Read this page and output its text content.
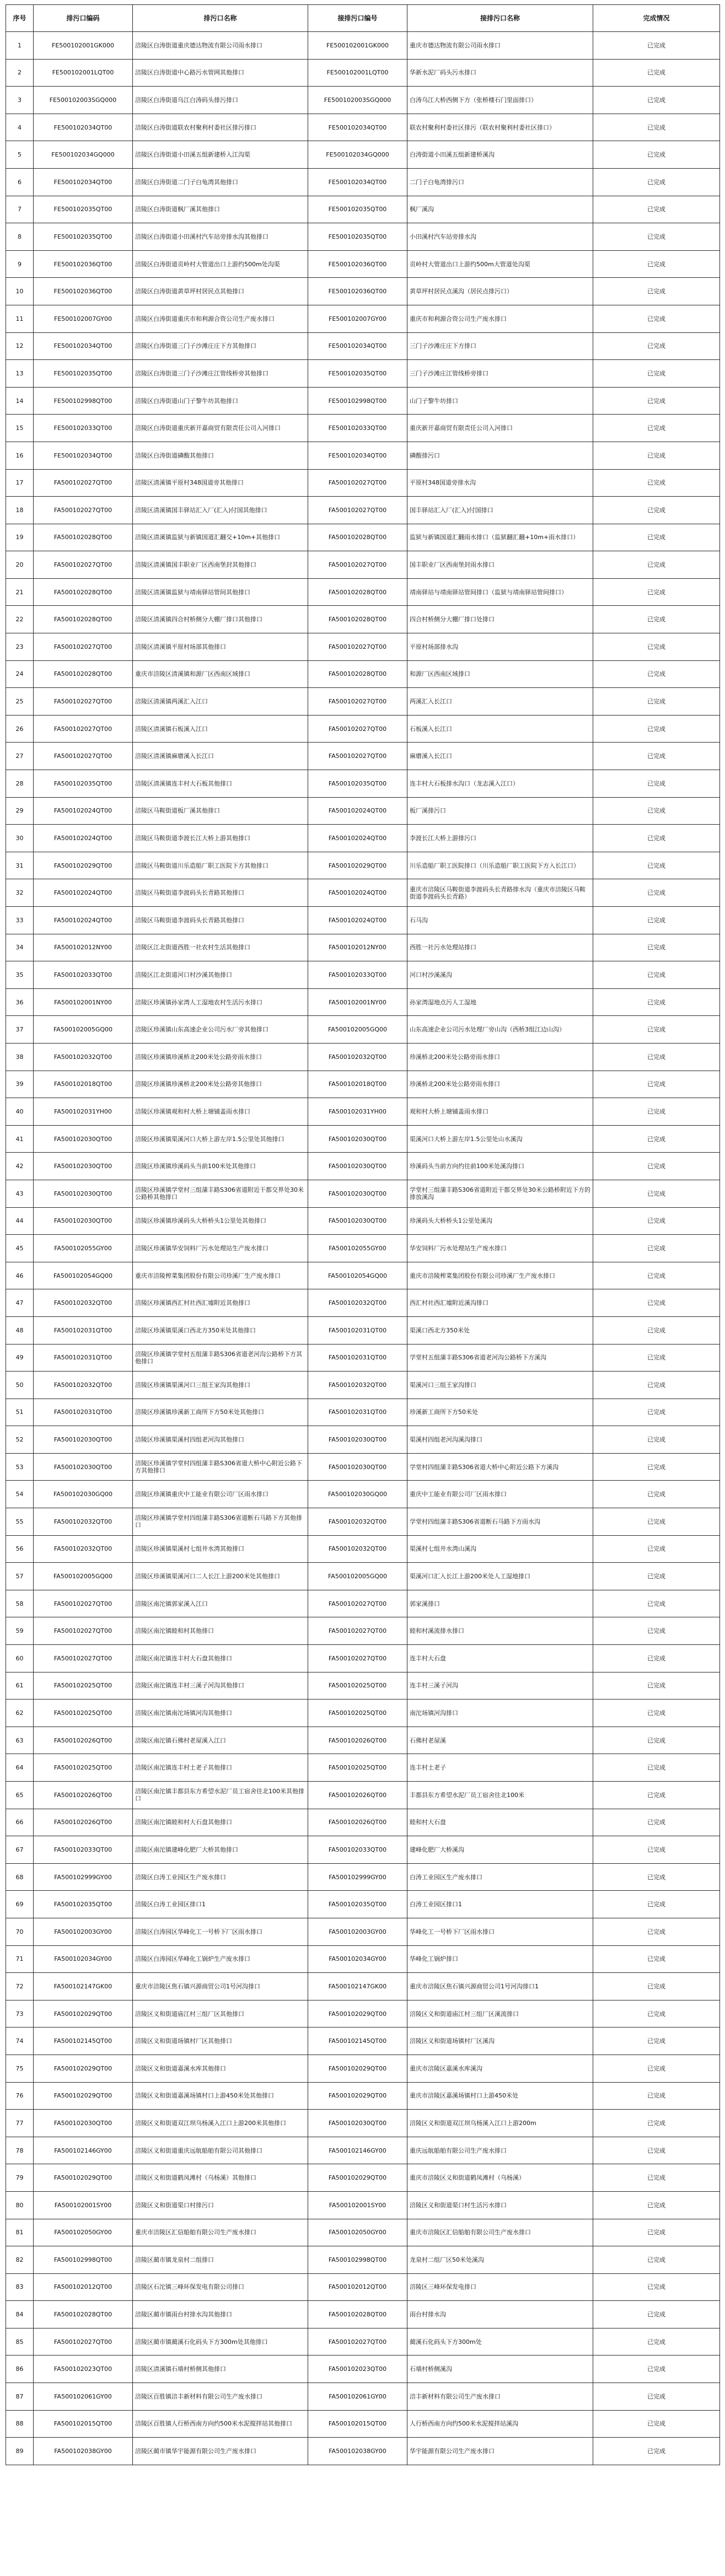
序号	排污口编码	排污口名称	接排污口编号	接排污口名称	完成情况
1	FE500102001GK000	涪陵区白涛街道重庆德达物流有限公司雨水排口	FE500102001GK000	重庆市德达物流有限公司雨水排口	已完成
2	FE500102001LQT00	涪陵区白涛街道中心路污水管网其他排口	FE500102001LQT00	华新水泥厂码头污水排口	已完成
3	FE500102003SGQ000	涪陵区白涛街道乌江白涛码头排污排口	FE500102003SGQ000	白涛乌江大桥西侧下方（张桥楼石门里面排口）	已完成
4	FE500102034QT00	涪陵区白涛街道联农村聚利村委社区排污排口	FE500102034QT00	联农村聚利村委社区排污（联农村聚利村委社区排口）	已完成
5	FE500102034GQ000	涪陵区白涛街道小田溪五组新建桥入江沟渠	FE500102034GQ000	白涛街道小田溪五组新建桥溪沟	已完成
6	FE500102034QT00	涪陵区白涛街道二门子白龟湾其他排口	FE500102034QT00	二门子白龟湾排污口	已完成
7	FE500102035QT00	涪陵区白涛街道枫厂溪其他排口	FE500102035QT00	枫厂溪沟	已完成
8	FE500102035QT00	涪陵区白涛街道小田溪村汽车站旁排水沟其他排口	FE500102035QT00	小田溪村汽车站旁排水沟	已完成
9	FE500102036QT00	涪陵区白涛街道贡岭村大管道出口上游约500m处沟渠	FE500102036QT00	贡岭村大管道出口上游约500m大管道处沟渠	已完成
10	FE500102036QT00	涪陵区白涛街道黄草坪村居民点其他排口	FE500102036QT00	黄草坪村居民点溪沟（居民点排污口）	已完成
11	FE500102007GY00	涪陵区白涛街道重庆市和利源合资公司生产废水排口	FE500102007GY00	重庆市和利源合资公司生产废水排口	已完成
12	FE500102034QT00	涪陵区白涛街道三门子沙滩庄庄下方其他排口	FE500102034QT00	三门子沙滩庄庄下方排口	已完成
13	FE500102035QT00	涪陵区白涛街道三门子沙滩庄江管线桥旁其他排口	FE500102035QT00	三门子沙滩庄江管线桥旁排口	已完成
14	FE500102998QT00	涪陵区白涛街道山门子黎牛坊其他排口	FE500102998QT00	山门子黎牛坊排口	已完成
15	FE500102033QT00	涪陵区白涛街道重庆新开嘉商贸有限责任公司入河排口	FE500102033QT00	重庆新开嘉商贸有限责任公司入河排口	已完成
16	FE500102034QT00	涪陵区白涛街道磷酸其他排口	FE500102034QT00	磷酸排污口	已完成
17	FA500102027QT00	涪陵区清溪镇平原村348国道旁其他排口	FA500102027QT00	平原村348国道旁排水沟	已完成
18	FA500102027QT00	涪陵区清溪镇国丰驿站汇入厂(汇入)付国其他排口	FA500102027QT00	国丰驿站汇入厂(汇入)付国排口	已完成
19	FA500102028QT00	涪陵区清溪镇监狱与新镇国道汇翻交+10m+其他排口	FA500102028QT00	监狱与新镇国道汇翻雨水排口（监狱翻汇翻+10m+雨水排口）	已完成
20	FA500102027QT00	涪陵区清溪镇国丰职业厂区西南堡封其他排口	FA500102027QT00	国丰职业厂区西南堡封雨水排口	已完成
21	FA500102028QT00	涪陵区清溪镇监狱与靖南驿站管间其他排口	FA500102028QT00	靖南驿站与靖南驿站管间排口（监狱与靖南驿站管间排口）	已完成
22	FA500102028QT00	涪陵区清溪镇四合村桥侧分大棚厂排口其他排口	FA500102028QT00	四合村桥侧分大棚厂排口处排口	已完成
23	FA500102027QT00	涪陵区清溪镇平原村场部其他排口	FA500102027QT00	平原村场部排水沟	已完成
24	FA500102028QT00	重庆市涪陵区清溪镇和源厂区西南区域排口	FA500102028QT00	和源厂区西南区域排口	已完成
25	FA500102027QT00	涪陵区清溪镇两溪汇入江口	FA500102027QT00	两溪汇入长江口	已完成
26	FA500102027QT00	涪陵区清溪镇石板溪入江口	FA500102027QT00	石板溪入长江口	已完成
27	FA500102027QT00	涪陵区清溪镇麻磨溪入长江口	FA500102027QT00	麻磨溪入长江口	已完成
28	FA500102035QT00	涪陵区清溪镇连丰村大石板其他排口	FA500102035QT00	连丰村大石板排水沟口（龙志溪入江口）	已完成
29	FA500102024QT00	涪陵区马鞍街道板厂溪其他排口	FA500102024QT00	板厂溪排污口	已完成
30	FA500102024QT00	涪陵区马鞍街道李渡长江大桥上游其他排口	FA500102024QT00	李渡长江大桥上游排污口	已完成
31	FA500102029QT00	涪陵区马鞍街道川乐造船厂职工医院下方其他排口	FA500102029QT00	川乐造船厂职工医院排口（川乐造船厂职工医院下方入长江口）	已完成
32	FA500102024QT00	涪陵区马鞍街道李渡码头长青路其他排口	FA500102024QT00	重庆市涪陵区马鞍街道李渡码头长青路排水沟（重庆市涪陵区马鞍街道李渡码头长青路）	已完成
33	FA500102024QT00	涪陵区马鞍街道李渡码头长青路其他排口	FA500102024QT00	石马沟	已完成
34	FA500102012NY00	涪陵区江北街道西胜一社农村生活其他排口	FA500102012NY00	西胜一社污水处理站排口	已完成
35	FA500102033QT00	涪陵区江北街道河口村沙溪其他排口	FA500102033QT00	河口村沙溪溪沟	已完成
36	FA500102001NY00	涪陵区珍溪镇孙家湾人工湿地农村生活污水排口	FA500102001NY00	孙家湾湿地点污人工湿地	已完成
37	FA500102005GQ00	涪陵区珍溪镇山东高速企业公司污水厂旁其他排口	FA500102005GQ00	山东高速企业公司污水处理厂旁山沟（西桥3组江边山沟）	已完成
38	FA500102032QT00	涪陵区珍溪镇珍溪桥北200米处公路旁雨水排口	FA500102032QT00	珍溪桥北200米处公路旁雨水排口	已完成
39	FA500102018QT00	涪陵区珍溪镇珍溪桥北200米处公路旁其他排口	FA500102018QT00	珍溪桥北200米处公路旁雨水排口	已完成
40	FA500102031YH00	涪陵区珍溪镇观和村大桥上塘铺盖雨水排口	FA500102031YH00	观和村大桥上塘铺盖雨水排口	已完成
41	FA500102030QT00	涪陵区珍溪镇渠溪河口大桥上游左岸1.5公里处其他排口	FA500102030QT00	渠溪河口大桥上游左岸1.5公里处山水溪沟	已完成
42	FA500102030QT00	涪陵区珍溪镇珍溪码头当前100米处其他排口	FA500102030QT00	珍溪码头当前方向约往前100米处溪沟排口	已完成
43	FA500102030QT00	涪陵区珍溪镇学堂村三组蒲丰路S306省道附近干都交界处30米公路桥其他排口	FA500102030QT00	学堂村三组蒲丰路S306省道附近干都交界处30米公路桥附近下方的排放溪沟	已完成
44	FA500102030QT00	涪陵区珍溪镇珍溪码头大桥桥头1公里处其他排口	FA500102030QT00	珍溪码头大桥桥头1公里处溪沟	已完成
45	FA500102055GY00	涪陵区珍溪镇华安饲料厂污水处理站生产废水排口	FA500102055GY00	华安饲料厂污水处理站生产废水排口	已完成
46	FA500102054GQ00	重庆市涪陵榨菜集团股份有限公司珍溪厂生产废水排口	FA500102054GQ00	重庆市涪陵榨菜集团股份有限公司珍溪厂生产废水排口	已完成
47	FA500102032QT00	涪陵区珍溪镇西汇村社西汇墟附近其他排口	FA500102032QT00	西汇村社西汇墟附近溪沟排口	已完成
48	FA500102031QT00	涪陵区珍溪镇渠溪口西北方350米处其他排口	FA500102031QT00	渠溪口西北方350米处	已完成
49	FA500102031QT00	涪陵区珍溪镇学堂村五组蒲丰路S306省道老河沟公路桥下方其他排口	FA500102031QT00	学堂村五组蒲丰路S306省道老河沟公路桥下方溪沟	已完成
50	FA500102032QT00	涪陵区珍溪镇渠溪河口三组王家沟其他排口	FA500102032QT00	渠溪河口三组王家沟排口	已完成
51	FA500102031QT00	涪陵区珍溪镇珍溪新工商所下方50米处其他排口	FA500102031QT00	珍溪新工商所下方50米处	已完成
52	FA500102030QT00	涪陵区珍溪镇渠溪村四组老河沟其他排口	FA500102030QT00	渠溪村四组老河沟溪沟排口	已完成
53	FA500102030QT00	涪陵区珍溪镇学堂村四组蒲丰路S306省道大桥中心附近公路下方其他排口	FA500102030QT00	学堂村四组蒲丰路S306省道大桥中心附近公路下方溪沟	已完成
54	FA500102030GQ00	涪陵区珍溪镇重庆中工能业有限公司厂区雨水排口	FA500102030GQ00	重庆中工能业有限公司厂区雨水排口	已完成
55	FA500102032QT00	涪陵区珍溪镇学堂村四组蒲丰路S306省道断石马路下方其他排口	FA500102032QT00	学堂村四组蒲丰路S306省道断石马路下方雨水沟	已完成
56	FA500102032QT00	涪陵区珍溪镇渠溪村七组井水湾其他排口	FA500102032QT00	渠溪村七组井水湾山溪沟	已完成
57	FA500102005GQ00	涪陵区珍溪镇渠溪河口二人长江上游200米处其他排口	FA500102005GQ00	渠溪河口汇入长江上游200米处人工湿地排口	已完成
58	FA500102027QT00	涪陵区南沱镇郭家溪入江口	FA500102027QT00	郭家溪排口	已完成
59	FA500102027QT00	涪陵区南沱镇睦和村其他排口	FA500102027QT00	睦和村溪流排水排口	已完成
60	FA500102027QT00	涪陵区南沱镇连丰村大石盘其他排口	FA500102027QT00	连丰村大石盘	已完成
61	FA500102025QT00	涪陵区南沱镇连丰村三溪子河沟其他排口	FA500102025QT00	连丰村三溪子河沟	已完成
62	FA500102025QT00	涪陵区南沱镇南沱场镇河沟其他排口	FA500102025QT00	南沱场镇河沟排口	已完成
63	FA500102026QT00	涪陵区南沱镇石佛村老屋溪入江口	FA500102026QT00	石佛村老屋溪	已完成
64	FA500102025QT00	涪陵区南沱镇连丰村土老子其他排口	FA500102025QT00	连丰村土老子	已完成
65	FA500102026QT00	涪陵区南沱镇丰都县东方希望水泥厂员工宿舍往北100米其他排口	FA500102026QT00	丰都县东方希望水泥厂员工宿舍往北100米	已完成
66	FA500102026QT00	涪陵区南沱镇睦和村大石盘其他排口	FA500102026QT00	睦和村大石盘	已完成
67	FA500102033QT00	涪陵区南沱镇建峰化肥厂大桥其他排口	FA500102033QT00	建峰化肥厂大桥溪沟	已完成
68	FA500102999GY00	涪陵区白涛工业园区生产废水排口	FA500102999GY00	白涛工业园区生产废水排口	已完成
69	FA500102035QT00	涪陵区白涛工业园区排口1	FA500102035QT00	白涛工业园区排口1	已完成
70	FA500102003GY00	涪陵区白涛园区华峰化工一号桥下厂区雨水排口	FA500102003GY00	华峰化工一号桥下厂区雨水排口	已完成
71	FA500102034GY00	涪陵区白涛园区华峰化工锅炉生产废水排口	FA500102034GY00	华峰化工锅炉排口	已完成
72	FA500102147GK00	重庆市涪陵区焦石镇兴源商贸公司1号河沟排口	FA500102147GK00	重庆市涪陵区焦石镇兴源商贸公司1号河沟排口1	已完成
73	FA500102029QT00	涪陵区义和街道庙江村三组厂区其他排口	FA500102029QT00	涪陵区义和街道庙江村三组厂区溪流排口	已完成
74	FA500102145QT00	涪陵区义和街道场镇村厂区其他排口	FA500102145QT00	涪陵区义和街道场镇村厂区溪沟	已完成
75	FA500102029QT00	涪陵区义和街道嘉溪水库其他排口	FA500102029QT00	重庆市涪陵区嘉溪水库溪沟	已完成
76	FA500102029QT00	涪陵区义和街道嘉溪场镇村口上游450米处其他排口	FA500102029QT00	重庆市涪陵区嘉溪场镇村口上游450米处	已完成
77	FA500102030QT00	涪陵区义和街道双江坝乌杨溪入江口上游200米其他排口	FA500102030QT00	涪陵区义和街道双江坝乌杨溪入江口上游200m	已完成
78	FA500102146GY00	涪陵区义和街道重庆远航船舶有限公司其他排口	FA500102146GY00	重庆远航船舶有限公司生产废水排口	已完成
79	FA500102029QT00	涪陵区义和街道鹤凤滩村（乌杨溪）其他排口	FA500102029QT00	重庆市涪陵区义和街道鹤凤滩村（乌杨溪）	已完成
80	FA500102001SY00	涪陵区义和街道渠口村排污口	FA500102001SY00	涪陵区义和街道渠口村生活污水排口	已完成
81	FA500102050GY00	重庆市涪陵区汇信船舶有限公司生产废水排口	FA500102050GY00	重庆市涪陵区汇信船舶有限公司生产废水排口	已完成
82	FA500102998QT00	涪陵区蔺市镇龙泉村二组排口	FA500102998QT00	龙泉村二组厂区50米处溪沟	已完成
83	FA500102012QT00	涪陵区石沱镇三峰环保发电有限公司排口	FA500102012QT00	涪陵区三峰环保发电排口	已完成
84	FA500102028QT00	涪陵区蔺市镇雨台村排水沟其他排口	FA500102028QT00	雨台村排水沟	已完成
85	FA500102027QT00	涪陵区蔺市镇蔺溪石化码头下方300m处其他排口	FA500102027QT00	蔺溪石化码头下方300m处	已完成
86	FA500102023QT00	涪陵区清溪镇石墙村桥侧其他排口	FA500102023QT00	石墙村桥侧溪沟	已完成
87	FA500102061GY00	涪陵区百胜镇涪丰新材料有限公司生产废水排口	FA500102061GY00	涪丰新材料有限公司生产废水排口	已完成
88	FA500102015QT00	涪陵区百胜镇人行桥西南方向约500米水泥搅拌站其他排口	FA500102015QT00	人行桥西南方向约500米水泥搅拌站溪沟	已完成
89	FA500102038GY00	涪陵区蔺市镇华宇能源有限公司生产废水排口	FA500102038GY00	华宇能源有限公司生产废水排口	已完成
